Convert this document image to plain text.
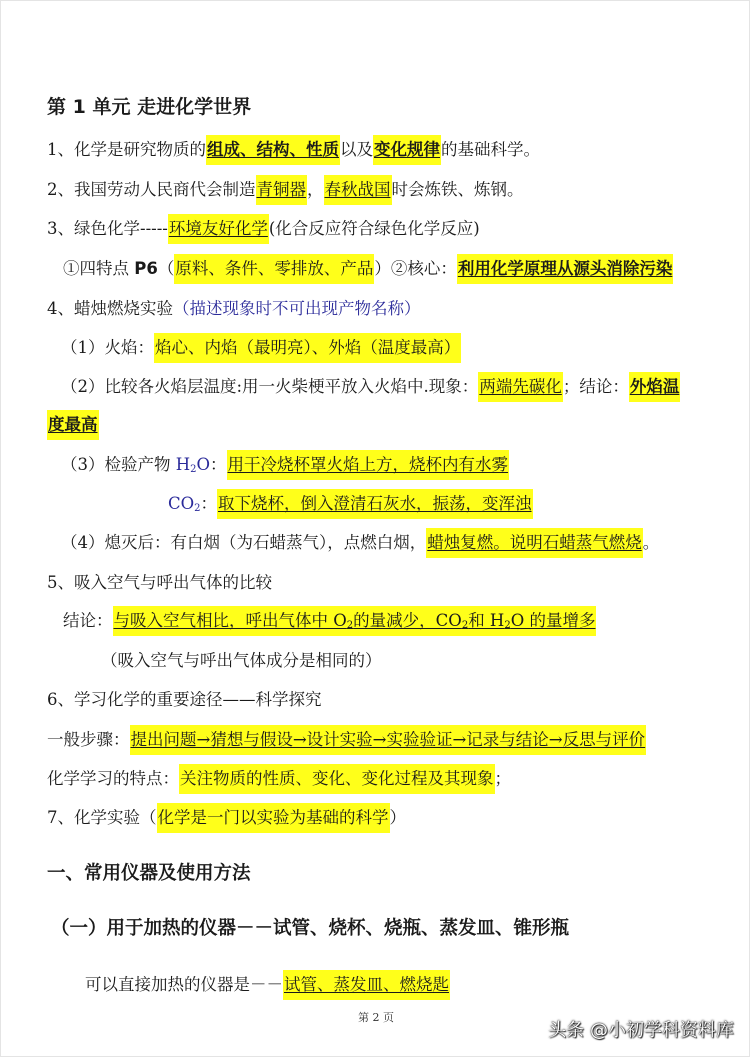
第 1 单元 走进化学世界
1、化学是研究物质的组成、结构、性质以及变化规律的基础科学。
2、我国劳动人民商代会制造青铜器，春秋战国时会炼铁、炼钢。
3、绿色化学-----环境友好化学(化合反应符合绿色化学反应)
①四特点 P6（原料、条件、零排放、产品）②核心：利用化学原理从源头消除污染
4、蜡烛燃烧实验（描述现象时不可出现产物名称）
（1）火焰：焰心、内焰（最明亮）、外焰（温度最高）
（2）比较各火焰层温度:用一火柴梗平放入火焰中.现象：两端先碳化；结论：外焰温
度最高
（3）检验产物 $H_2O$：用干冷烧杯罩火焰上方，烧杯内有水雾
$CO_2$：取下烧杯，倒入澄清石灰水，振荡，变浑浊
（4）熄灭后：有白烟（为石蜡蒸气），点燃白烟，蜡烛复燃。说明石蜡蒸气燃烧。
5、吸入空气与呼出气体的比较
结论：与吸入空气相比，呼出气体中 $O_2$的量减少，$CO_2$和 $H_2O$ 的量增多
（吸入空气与呼出气体成分是相同的）
6、学习化学的重要途径——科学探究
一般步骤：提出问题→猜想与假设→设计实验→实验验证→记录与结论→反思与评价
化学学习的特点：关注物质的性质、变化、变化过程及其现象；
7、化学实验（化学是一门以实验为基础的科学）
一、常用仪器及使用方法
（一）用于加热的仪器－－试管、烧杯、烧瓶、蒸发皿、锥形瓶
可以直接加热的仪器是－－试管、蒸发皿、燃烧匙
第 2 页
头条 @小初学科资料库
